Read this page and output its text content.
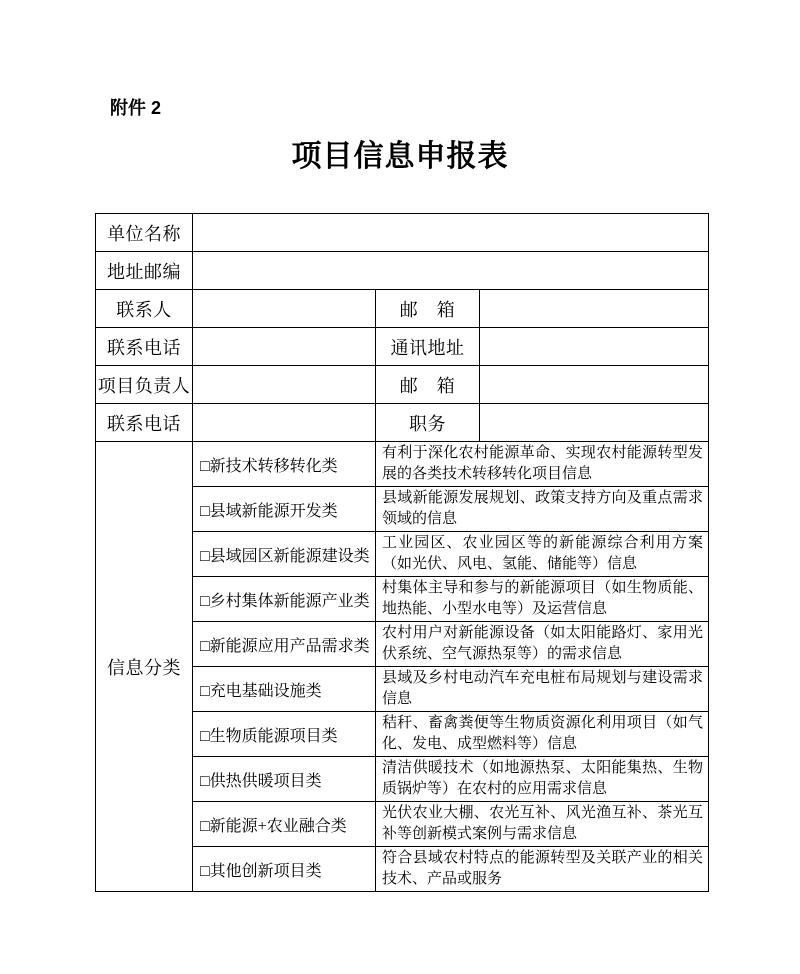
附件 2
项目信息申报表
单位名称			
地址邮编			
联系人		邮　箱	
联系电话		通讯地址	
项目负责人		邮　箱	
联系电话		职务	
信息分类	□新技术转移转化类	有利于深化农村能源革命、实现农村能源转型发展的各类技术转移转化项目信息	
	□县域新能源开发类	县域新能源发展规划、政策支持方向及重点需求领域的信息	
	□县域园区新能源建设类	工业园区、农业园区等的新能源综合利用方案（如光伏、风电、氢能、储能等）信息	
	□乡村集体新能源产业类	村集体主导和参与的新能源项目（如生物质能、地热能、小型水电等）及运营信息	
	□新能源应用产品需求类	农村用户对新能源设备（如太阳能路灯、家用光伏系统、空气源热泵等）的需求信息	
	□充电基础设施类	县域及乡村电动汽车充电桩布局规划与建设需求信息	
	□生物质能源项目类	秸秆、畜禽粪便等生物质资源化利用项目（如气化、发电、成型燃料等）信息	
	□供热供暖项目类	清洁供暖技术（如地源热泵、太阳能集热、生物质锅炉等）在农村的应用需求信息	
	□新能源+农业融合类	光伏农业大棚、农光互补、风光渔互补、茶光互补等创新模式案例与需求信息	
	□其他创新项目类	符合县域农村特点的能源转型及关联产业的相关技术、产品或服务	
